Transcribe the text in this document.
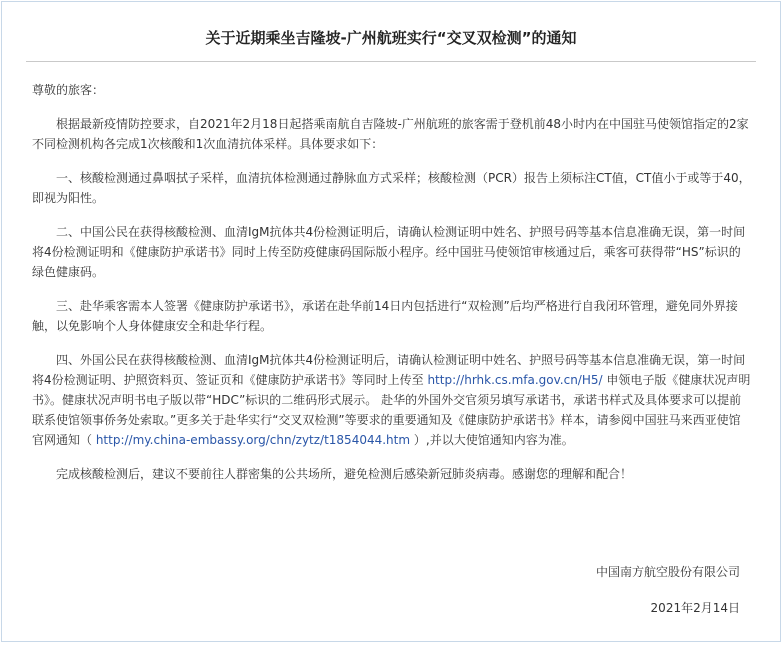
关于近期乘坐吉隆坡-广州航班实行“交叉双检测”的通知

尊敬的旅客：

根据最新疫情防控要求，自2021年2月18日起搭乘南航自吉隆坡-广州航班的旅客需于登机前48小时内在中国驻马使领馆指定的2家不同检测机构各完成1次核酸和1次血清抗体采样。具体要求如下：

一、核酸检测通过鼻咽拭子采样，血清抗体检测通过静脉血方式采样；核酸检测（PCR）报告上须标注CT值，CT值小于或等于40，即视为阳性。

二、中国公民在获得核酸检测、血清IgM抗体共4份检测证明后，请确认检测证明中姓名、护照号码等基本信息准确无误，第一时间将4份检测证明和《健康防护承诺书》同时上传至防疫健康码国际版小程序。经中国驻马使领馆审核通过后，乘客可获得带“HS”标识的绿色健康码。

三、赴华乘客需本人签署《健康防护承诺书》，承诺在赴华前14日内包括进行“双检测”后均严格进行自我闭环管理，避免同外界接触，以免影响个人身体健康安全和赴华行程。

四、外国公民在获得核酸检测、血清IgM抗体共4份检测证明后，请确认检测证明中姓名、护照号码等基本信息准确无误，第一时间将4份检测证明、护照资料页、签证页和《健康防护承诺书》等同时上传至 http://hrhk.cs.mfa.gov.cn/H5/ 申领电子版《健康状况声明书》。健康状况声明书电子版以带“HDC”标识的二维码形式展示。 赴华的外国外交官须另填写承诺书，承诺书样式及具体要求可以提前联系使馆领事侨务处索取。”更多关于赴华实行“交叉双检测”等要求的重要通知及《健康防护承诺书》样本，请参阅中国驻马来西亚使馆官网通知（ http://my.china-embassy.org/chn/zytz/t1854044.htm ）,并以大使馆通知内容为准。

完成核酸检测后，建议不要前往人群密集的公共场所，避免检测后感染新冠肺炎病毒。感谢您的理解和配合！

中国南方航空股份有限公司
2021年2月14日
